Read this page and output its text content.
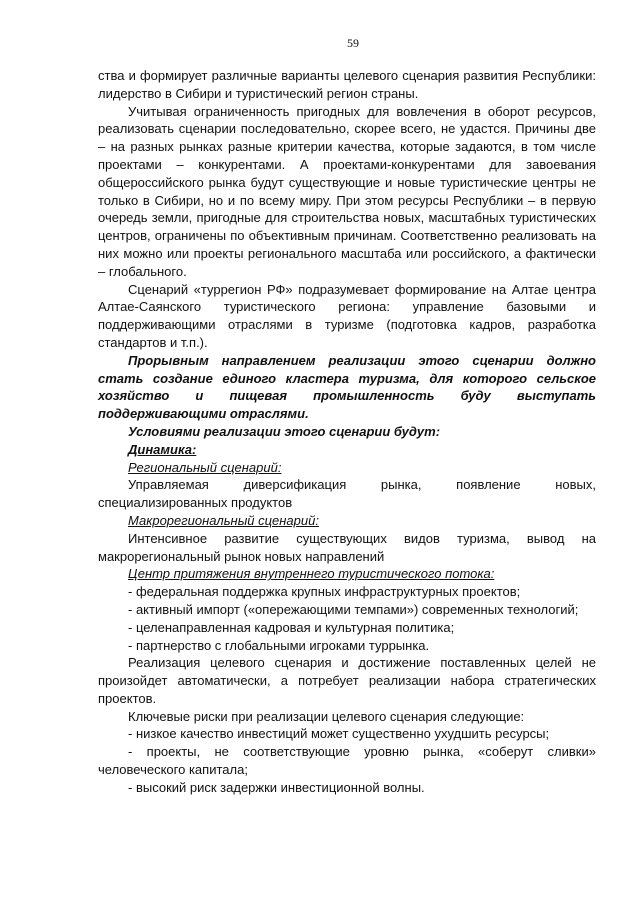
59

ства и формирует различные варианты целевого сценария развития Республики: лидерство в Сибири и туристический регион страны.

Учитывая ограниченность пригодных для вовлечения в оборот ресурсов, реализовать сценарии последовательно, скорее всего, не удастся. Причины две – на разных рынках разные критерии качества, которые задаются, в том числе проектами – конкурентами. А проектами-конкурентами для завоевания общероссийского рынка будут существующие и новые туристические центры не только в Сибири, но и по всему миру. При этом ресурсы Республики – в первую очередь земли, пригодные для строительства новых, масштабных туристических центров, ограничены по объективным причинам. Соответственно реализовать на них можно или проекты регионального масштаба или российского, а фактически – глобального.

Сценарий «туррегион РФ» подразумевает формирование на Алтае центра Алтае-Саянского туристического региона: управление базовыми и поддерживающими отраслями в туризме (подготовка кадров, разработка стандартов и т.п.).

Прорывным направлением реализации этого сценарии должно стать создание единого кластера туризма, для которого сельское хозяйство и пищевая промышленность буду выступать поддерживающими отраслями.

Условиями реализации этого сценарии будут:

Динамика:

Региональный сценарий:

Управляемая диверсификация рынка, появление новых, специализированных продуктов

Макрорегиональный сценарий:

Интенсивное развитие существующих видов туризма, вывод на макрорегиональный рынок новых направлений

Центр притяжения внутреннего туристического потока:

- федеральная поддержка крупных инфраструктурных проектов;

- активный импорт («опережающими темпами») современных технологий;

- целенаправленная кадровая и культурная политика;

- партнерство с глобальными игроками туррынка.

Реализация целевого сценария и достижение поставленных целей не произойдет автоматически, а потребует реализации набора стратегических проектов.

Ключевые риски при реализации целевого сценария следующие:

- низкое качество инвестиций может существенно ухудшить ресурсы;

- проекты, не соответствующие уровню рынка, «соберут сливки» человеческого капитала;

- высокий риск задержки инвестиционной волны.
